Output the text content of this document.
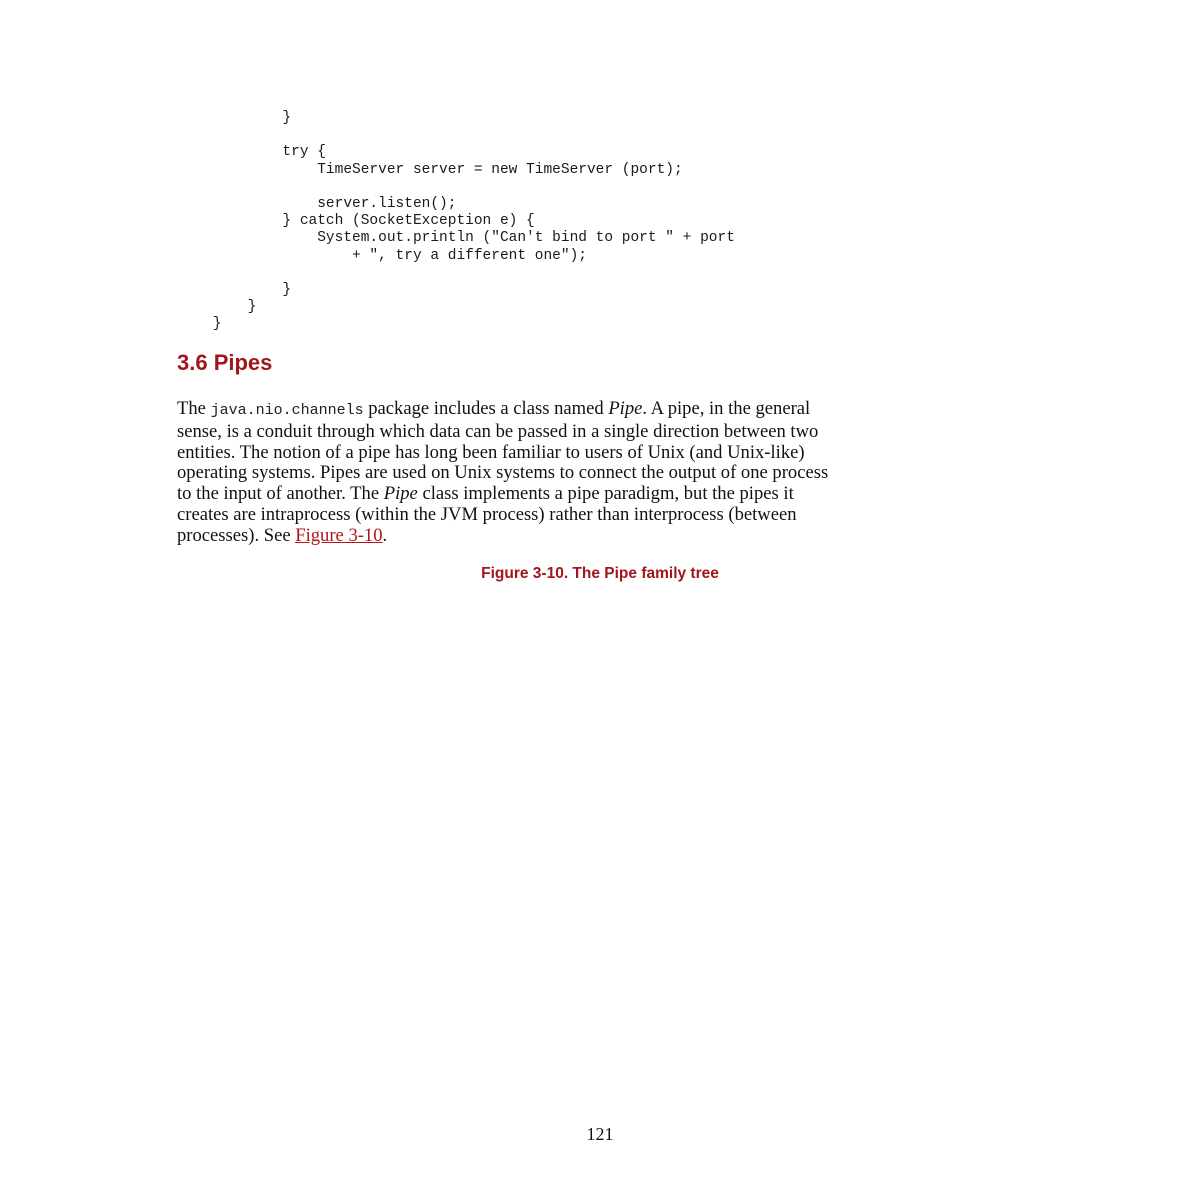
}
try {
TimeServer server = new TimeServer (port);
server.listen();
} catch (SocketException e) {
System.out.println ("Can't bind to port " + port
+ ", try a different one");
}
}
}
3.6 Pipes
The java.nio.channels package includes a class named Pipe. A pipe, in the general
sense, is a conduit through which data can be passed in a single direction between two
entities. The notion of a pipe has long been familiar to users of Unix (and Unix-like)
operating systems. Pipes are used on Unix systems to connect the output of one process
to the input of another. The Pipe class implements a pipe paradigm, but the pipes it
creates are intraprocess (within the JVM process) rather than interprocess (between
processes). See Figure 3-10.

Figure 3-10. The Pipe family tree

121
